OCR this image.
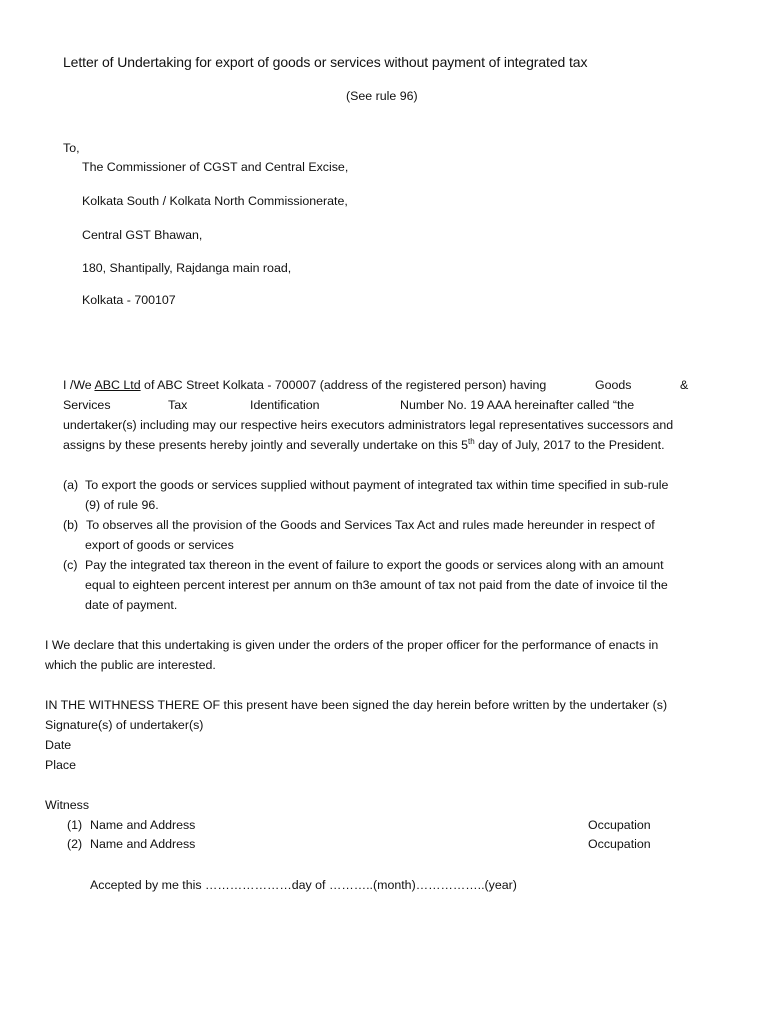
Letter of Undertaking for export of goods or services without payment of integrated tax
(See rule 96)
To,
The Commissioner of CGST and Central Excise,
Kolkata South / Kolkata North Commissionerate,
Central GST Bhawan,
180, Shantipally, Rajdanga main road,
Kolkata - 700107
I /We ABC Ltd of ABC Street Kolkata - 700007 (address of the registered person) having	Goods	&
Services	Tax	Identification	Number No. 19 AAA hereinafter called “the
undertaker(s) including may our respective heirs executors administrators legal representatives successors and
assigns by these presents hereby jointly and severally undertake on this 5th day of July, 2017 to the President.
(a) To export the goods or services supplied without payment of integrated tax within time specified in sub-rule
(9) of rule 96.
(b) To observes all the provision of the Goods and Services Tax Act and rules made hereunder in respect of
export of goods or services
(c) Pay the integrated tax thereon in the event of failure to export the goods or services along with an amount
equal to eighteen percent interest per annum on th3e amount of tax not paid from the date of invoice til the
date of payment.
I We declare that this undertaking is given under the orders of the proper officer for the performance of enacts in
which the public are interested.
IN THE WITHNESS THERE OF this present have been signed the day herein before written by the undertaker (s)
Signature(s) of undertaker(s)
Date
Place
Witness
(1) Name and Address	Occupation
(2) Name and Address	Occupation
Accepted by me this …………………day of ………..(month)……………..(year)
